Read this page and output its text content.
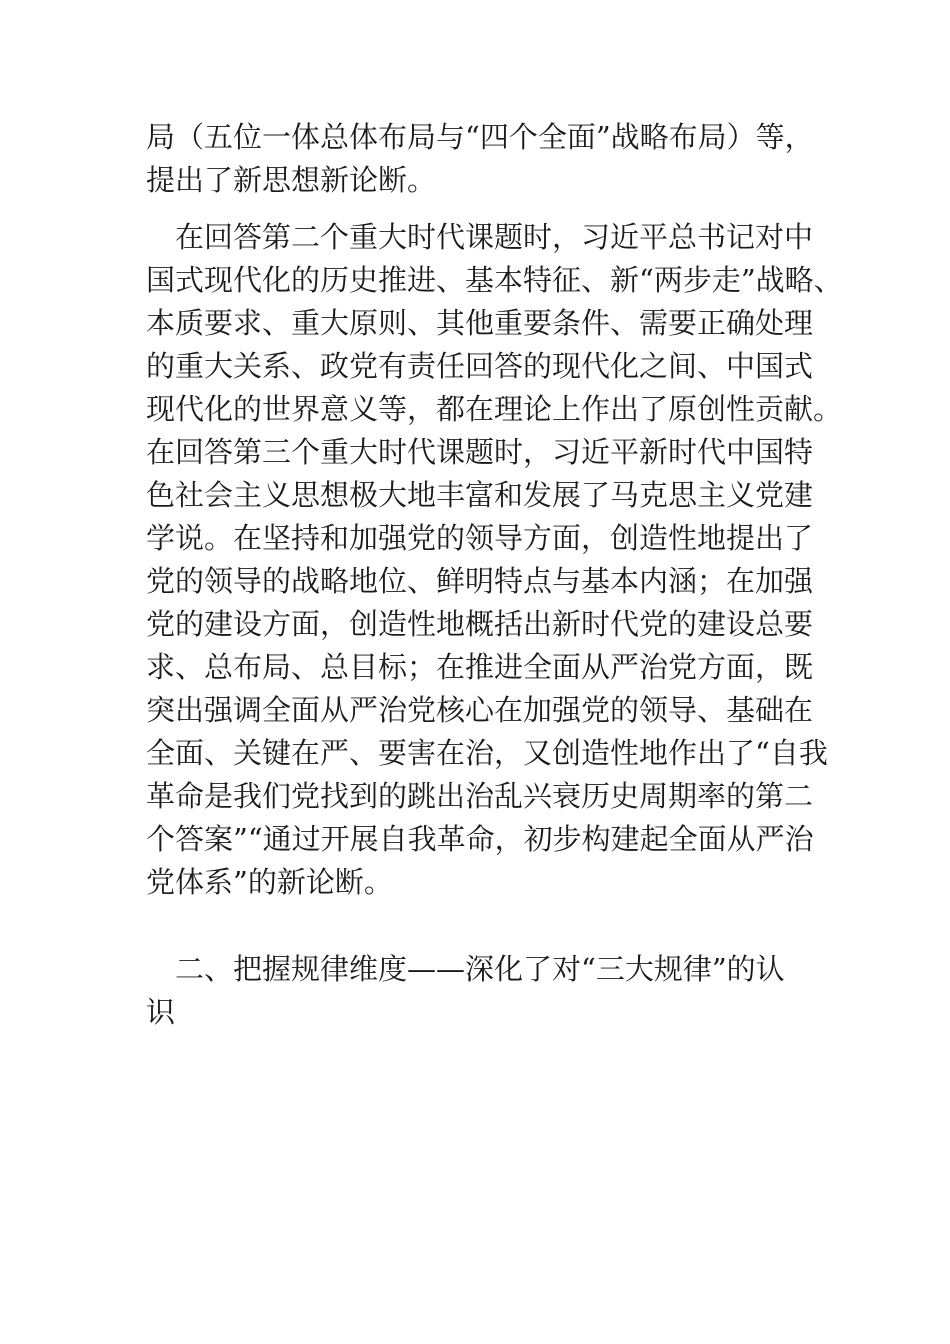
局（五位一体总体布局与“四个全面”战略布局）等，
提出了新思想新论断。
　在回答第二个重大时代课题时，习近平总书记对中
国式现代化的历史推进、基本特征、新“两步走”战略、
本质要求、重大原则、其他重要条件、需要正确处理
的重大关系、政党有责任回答的现代化之间、中国式
现代化的世界意义等，都在理论上作出了原创性贡献。
在回答第三个重大时代课题时，习近平新时代中国特
色社会主义思想极大地丰富和发展了马克思主义党建
学说。在坚持和加强党的领导方面，创造性地提出了
党的领导的战略地位、鲜明特点与基本内涵；在加强
党的建设方面，创造性地概括出新时代党的建设总要
求、总布局、总目标；在推进全面从严治党方面，既
突出强调全面从严治党核心在加强党的领导、基础在
全面、关键在严、要害在治，又创造性地作出了“自我
革命是我们党找到的跳出治乱兴衰历史周期率的第二
个答案”“通过开展自我革命，初步构建起全面从严治
党体系”的新论断。
　二、把握规律维度——深化了对“三大规律”的认
识
